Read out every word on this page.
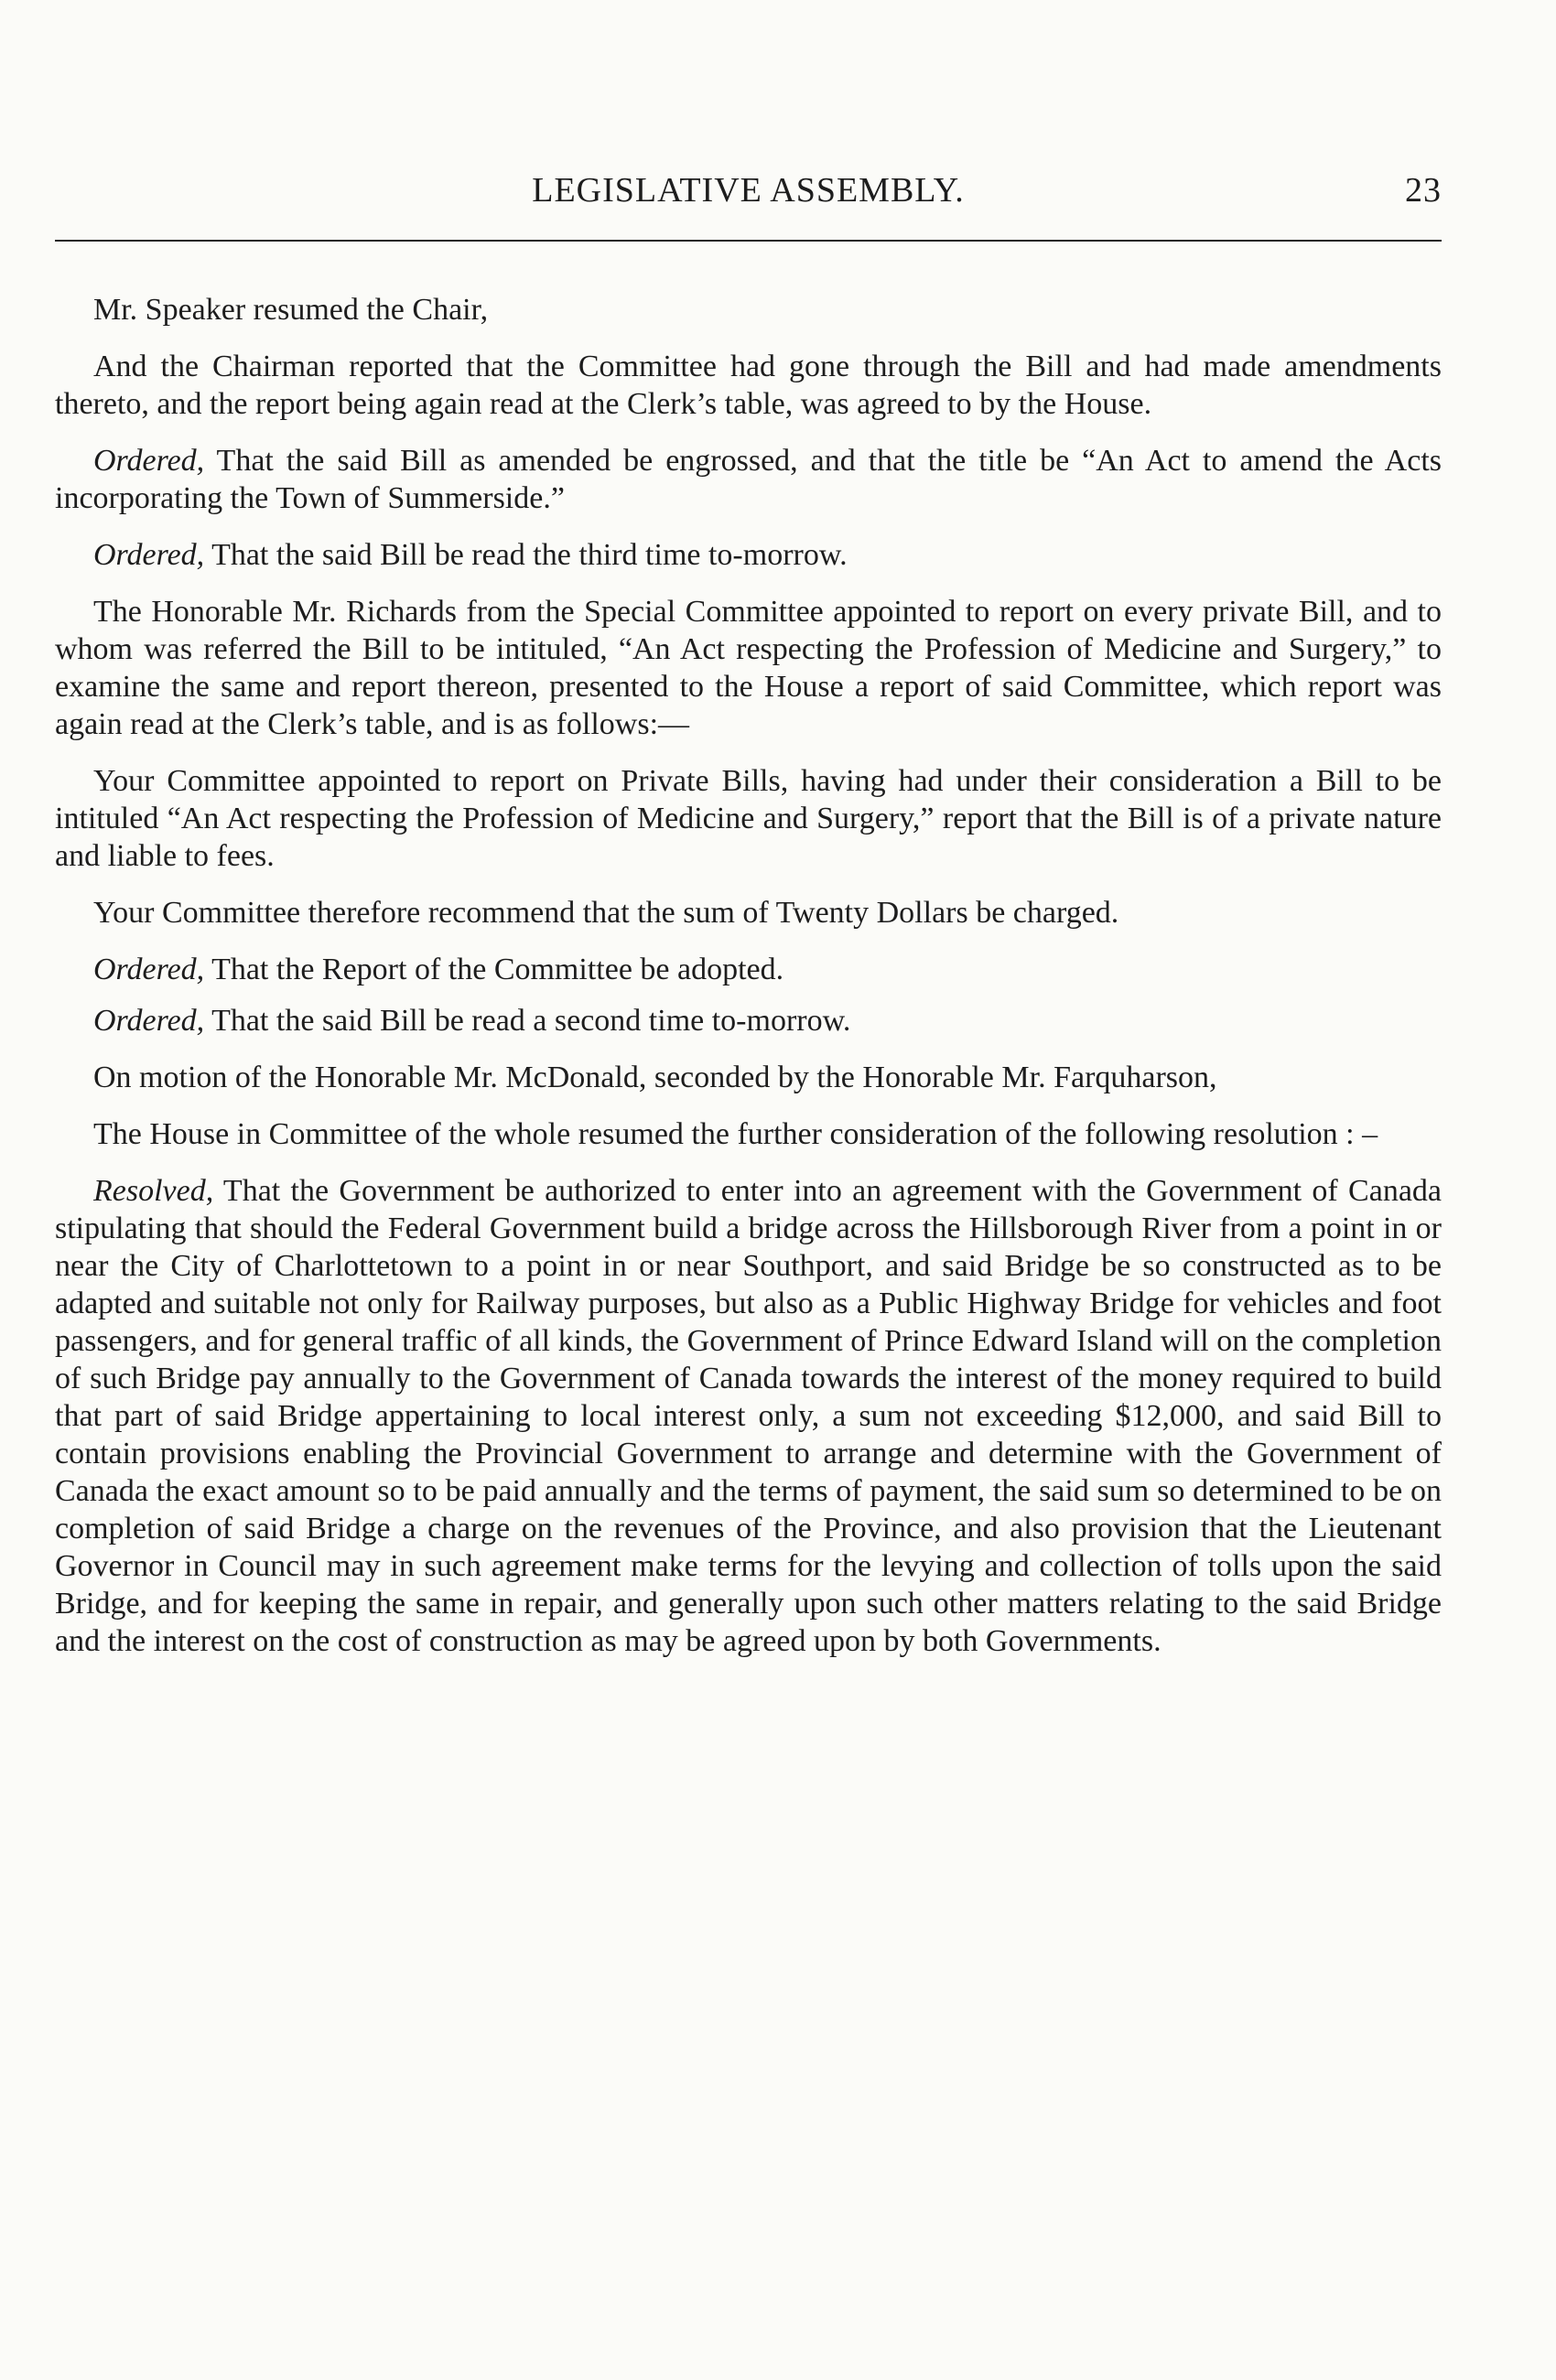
LEGISLATIVE ASSEMBLY.	23

Mr. Speaker resumed the Chair,

And the Chairman reported that the Committee had gone through the Bill and had made amendments thereto, and the report being again read at the Clerk’s table, was agreed to by the House.

Ordered, That the said Bill as amended be engrossed, and that the title be “An Act to amend the Acts incorporating the Town of Summerside.”

Ordered, That the said Bill be read the third time to-morrow.

The Honorable Mr. Richards from the Special Committee appointed to report on every private Bill, and to whom was referred the Bill to be intituled, “An Act respecting the Profession of Medicine and Surgery,” to examine the same and report thereon, presented to the House a report of said Committee, which report was again read at the Clerk’s table, and is as follows:—

Your Committee appointed to report on Private Bills, having had under their consideration a Bill to be intituled “An Act respecting the Profession of Medicine and Surgery,” report that the Bill is of a private nature and liable to fees.

Your Committee therefore recommend that the sum of Twenty Dollars be charged.

Ordered, That the Report of the Committee be adopted.

Ordered, That the said Bill be read a second time to-morrow.

On motion of the Honorable Mr. McDonald, seconded by the Honorable Mr. Farquharson,

The House in Committee of the whole resumed the further consideration of the following resolution : –

Resolved, That the Government be authorized to enter into an agreement with the Government of Canada stipulating that should the Federal Government build a bridge across the Hillsborough River from a point in or near the City of Charlottetown to a point in or near Southport, and said Bridge be so constructed as to be adapted and suitable not only for Railway purposes, but also as a Public Highway Bridge for vehicles and foot passengers, and for general traffic of all kinds, the Government of Prince Edward Island will on the completion of such Bridge pay annually to the Government of Canada towards the interest of the money required to build that part of said Bridge appertaining to local interest only, a sum not exceeding $12,000, and said Bill to contain provisions enabling the Provincial Government to arrange and determine with the Government of Canada the exact amount so to be paid annually and the terms of payment, the said sum so determined to be on completion of said Bridge a charge on the revenues of the Province, and also provision that the Lieutenant Governor in Council may in such agreement make terms for the levying and collection of tolls upon the said Bridge, and for keeping the same in repair, and generally upon such other matters relating to the said Bridge and the interest on the cost of construction as may be agreed upon by both Governments.
